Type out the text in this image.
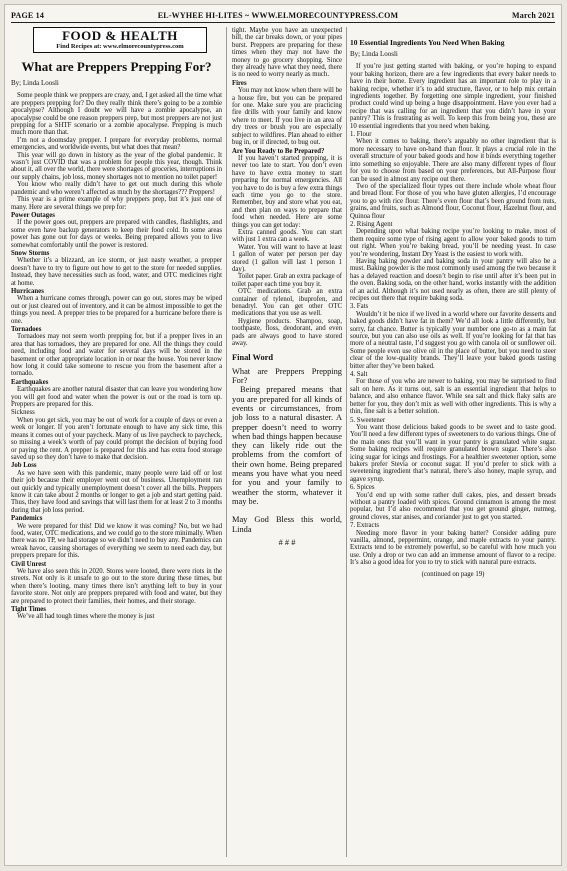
PAGE 14	EL-WYHEE HI-LITES ~ WWW.ELMORECOUNTYPRESS.COM	March 2021
FOOD & HEALTH
Find Recipes at: www.elmorecountypress.com
What are Preppers Prepping For?
By; Linda Loosli

Some people think we preppers are crazy, and, I get asked all the time what are preppers prepping for? Do they really think there’s going to be a zombie apocalypse? Although I doubt we will have a zombie apocalypse, an apocalypse could be one reason preppers prep, but most preppers are not just prepping for a SHTF scenario or a zombie apocalypse. Prepping is much much more than that.

I’m not a doomsday prepper. I prepare for everyday problems, normal emergencies, and worldwide events, but what does that mean?

This year will go down in history as the year of the global pandemic. It wasn’t just COVID that was a problem for people this year, though. Think about it, all over the world, there were shortages of groceries, interruptions in our supply chains, job loss, money shortages not to mention no toilet paper!

You know who really didn’t have to get out much during this whole pandemic and who weren’t affected as much by the shortages??? Preppers!

This year is a prime example of why preppers prep, but it’s just one of many. Here are several things we prep for:

Power Outages

If the power goes out, preppers are prepared with candles, flashlights, and some even have backup generators to keep their food cold. In some areas power has gone out for days or weeks. Being prepared allows you to live somewhat comfortably until the power is restored.

Snow Storms

Whether it’s a blizzard, an ice storm, or just nasty weather, a prepper doesn’t have to try to figure out how to get to the store for needed supplies. Instead, they have necessities such as food, water, and OTC medicines right at home.

Hurricanes

When a hurricane comes through, power can go out, stores may be wiped out or just cleared out of inventory, and it can be almost impossible to get the things you need. A prepper tries to be prepared for a hurricane before there is one.

Tornadoes

Tornadoes may not seem worth prepping for, but if a prepper lives in an area that has tornadoes, they are prepared for one. All the things they could need, including food and water for several days will be stored in the basement or other appropriate location in or near the house. You never know how long it could take someone to rescue you from the basement after a tornado.

Earthquakes

Earthquakes are another natural disaster that can leave you wondering how you will get food and water when the power is out or the road is torn up. Preppers are prepared for this.

Sickness

When you get sick, you may be out of work for a couple of days or even a week or longer. If you aren’t fortunate enough to have any sick time, this means it comes out of your paycheck. Many of us live paycheck to paycheck, so missing a week’s worth of pay could prompt the decision of buying food or paying the rent. A prepper is prepared for this and has extra food storage saved up so they don’t have to make that decision.

Job Loss

As we have seen with this pandemic, many people were laid off or lost their job because their employer went out of business. Unemployment ran out quickly and typically unemployment doesn’t cover all the bills. Preppers know it can take about 2 months or longer to get a job and start getting paid. Thus, they have food and savings that will last them for at least 2 to 3 months during that job loss period.

Pandemics

We were prepared for this! Did we know it was coming? No, but we had food, water, OTC medications, and we could go to the store minimally. When there was no TP, we had storage so we didn’t need to buy any. Pandemics can wreak havoc, causing shortages of everything we seem to need each day, but preppers prepare for this.

Civil Unrest

We have also seen this in 2020. Stores were looted, there were riots in the streets. Not only is it unsafe to go out to the store during these times, but when there’s looting, many times there isn’t anything left to buy in your favorite store. Not only are preppers prepared with food and water, but they are prepared to protect their families, their homes, and their storage.

Tight Times

We’ve all had tough times where the money is just

tight. Maybe you have an unexpected bill, the car breaks down, or your pipes burst. Preppers are preparing for these times when they may not have the money to go grocery shopping. Since they already have what they need, there is no need to worry nearly as much.

Fires

You may not know when there will be a house fire, but you can be prepared for one. Make sure you are practicing fire drills with your family and know where to meet. If you live in an area of dry trees or brush you are especially subject to wildfires. Plan ahead to either bug in, or if directed, to bug out.

Are You Ready to Be Prepared?

If you haven’t started prepping, it is never too late to start. You don’t even have to have extra money to start preparing for normal emergencies. All you have to do is buy a few extra things each time you go to the store. Remember, buy and store what you eat, and then plan on ways to prepare that food when needed. Here are some things you can get today:

Extra canned goods. You can start with just 1 extra can a week.

Water. You will want to have at least 1 gallon of water per person per day stored (1 gallon will last 1 person 1 day).

Toilet paper. Grab an extra package of toilet paper each time you buy it.

OTC medications. Grab an extra container of tylenol, ibuprofen, and benadryl. You can get other OTC medications that you use as well.

Hygiene products. Shampoo, soap, toothpaste, floss, deodorant, and even pads are always good to have stored away.

Final Word

What are Preppers Prepping For?

Being prepared means that you are prepared for all kinds of events or circumstances, from job loss to a natural disaster. A prepper doesn’t need to worry when bad things happen because they can likely ride out the problems from the comfort of their own home. Being prepared means you have what you need for you and your family to weather the storm, whatever it may be.

May God Bless this world, Linda

# # #
10 Essential Ingredients You Need When Baking
By; Linda Loosli

If you’re just getting started with baking, or you’re hoping to expand your baking horizon, there are a few ingredients that every baker needs to have in their home. Every ingredient has an important role to play in a baking recipe, whether it’s to add structure, flavor, or to help mix certain ingredients together. By forgetting one simple ingredient, your finished product could wind up being a huge disappointment. Have you ever had a recipe that was calling for an ingredient that you didn’t have in your pantry? This is frustrating as well. To keep this from being you, these are 10 essential ingredients that you need when baking.

1. Flour

When it comes to baking, there’s arguably no other ingredient that is more necessary to have on-hand than flour. It plays a crucial role in the overall structure of your baked goods and how it binds everything together into something so enjoyable. There are also many different types of flour for you to choose from based on your preferences, but All-Purpose flour can be used in almost any recipe out there.

Two of the specialized flour types out there include whole wheat flour and bread flour. For those of you who have gluten allergies, I’d encourage you to go with rice flour. There’s even flour that’s been ground from nuts, grains, and fruits, such as Almond flour, Coconut flour, Hazelnut flour, and Quinoa flour

2. Rising Agent

Depending upon what baking recipe you’re looking to make, most of them require some type of rising agent to allow your baked goods to turn out right. When you’re baking bread, you’ll be needing yeast. In case you’re wondering, Instant Dry Yeast is the easiest to work with.

Having baking powder and baking soda in your pantry will also be a must. Baking powder is the most commonly used among the two because it has a delayed reaction and doesn’t begin to rise until after it’s been put in the oven. Baking soda, on the other hand, works instantly with the addition of an acid. Although it’s not used nearly as often, there are still plenty of recipes out there that require baking soda.

3. Fats

Wouldn’t it be nice if we lived in a world where our favorite desserts and baked goods didn’t have fat in them? We’d all look a little differently, but sorry, fat chance. Butter is typically your number one go-to as a main fat source, but you can also use oils as well. If you’re looking for fat that has more of a neutral taste, I’d suggest you go with canola oil or sunflower oil. Some people even use olive oil in the place of butter, but you need to steer clear of the low-quality brands. They’ll leave your baked goods tasting bitter after they’ve been baked.

4. Salt

For those of you who are newer to baking, you may be surprised to find salt on here. As it turns out, salt is an essential ingredient that helps to balance, and also enhance flavor. While sea salt and thick flaky salts are better for you, they don’t mix as well with other ingredients. This is why a thin, fine salt is a better solution.

5. Sweetener

You want those delicious baked goods to be sweet and to taste good. You’ll need a few different types of sweeteners to do various things. One of the main ones that you’ll want in your pantry is granulated white sugar. Some baking recipes will require granulated brown sugar. There’s also icing sugar for icings and frostings. For a healthier sweetener option, some bakers prefer Stevia or coconut sugar. If you’d prefer to stick with a sweetening ingredient that’s natural, there’s also honey, maple syrup, and agave syrup.

6. Spices

You’d end up with some rather dull cakes, pies, and dessert breads without a pantry loaded with spices. Ground cinnamon is among the most popular, but I’d also recommend that you get ground ginger, nutmeg, ground cloves, star anises, and coriander just to get you started.

7. Extracts

Needing more flavor in your baking batter? Consider adding pure vanilla, almond, peppermint, orange, and maple extracts to your pantry. Extracts tend to be extremely powerful, so be careful with how much you use. Only a drop or two can add an immense amount of flavor to a recipe. It’s also a good idea for you to try to stick with natural pure extracts.

(continued on page 19)
